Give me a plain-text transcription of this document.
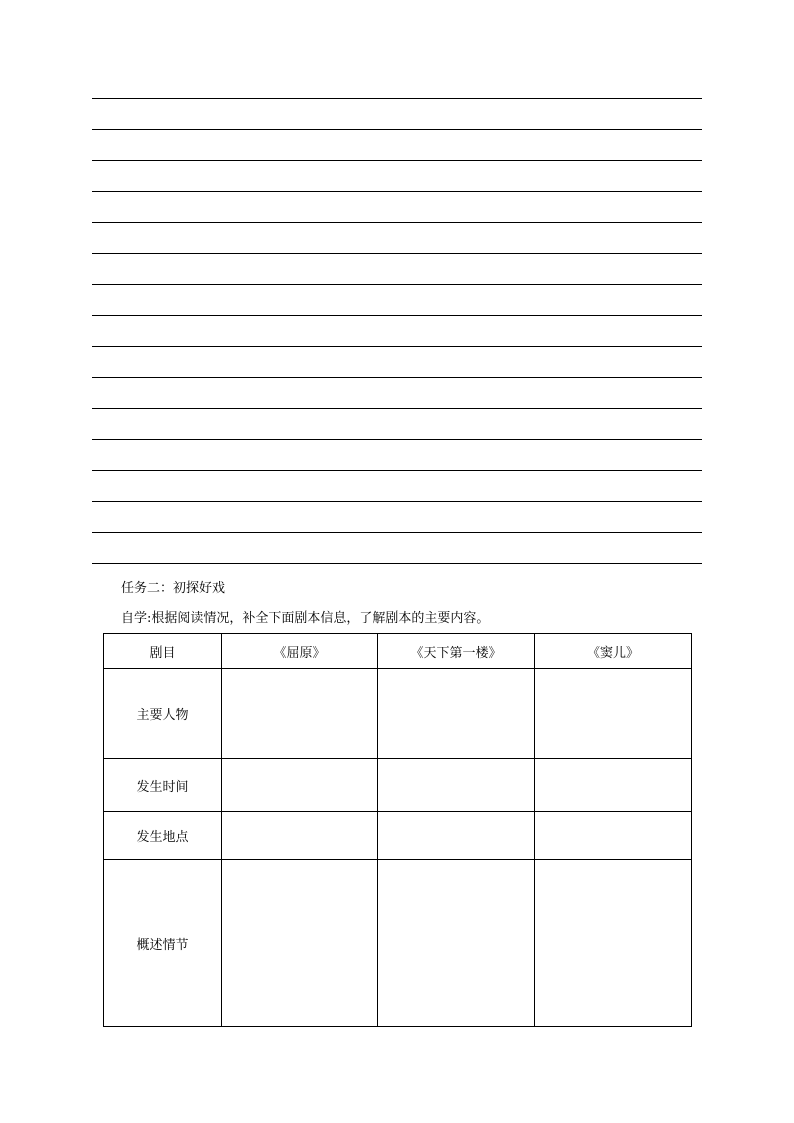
任务二：初探好戏
自学:根据阅读情况，补全下面剧本信息，了解剧本的主要内容。
剧目	《屈原》	《天下第一楼》	《窦儿》
主要人物			
发生时间			
发生地点			
概述情节			
